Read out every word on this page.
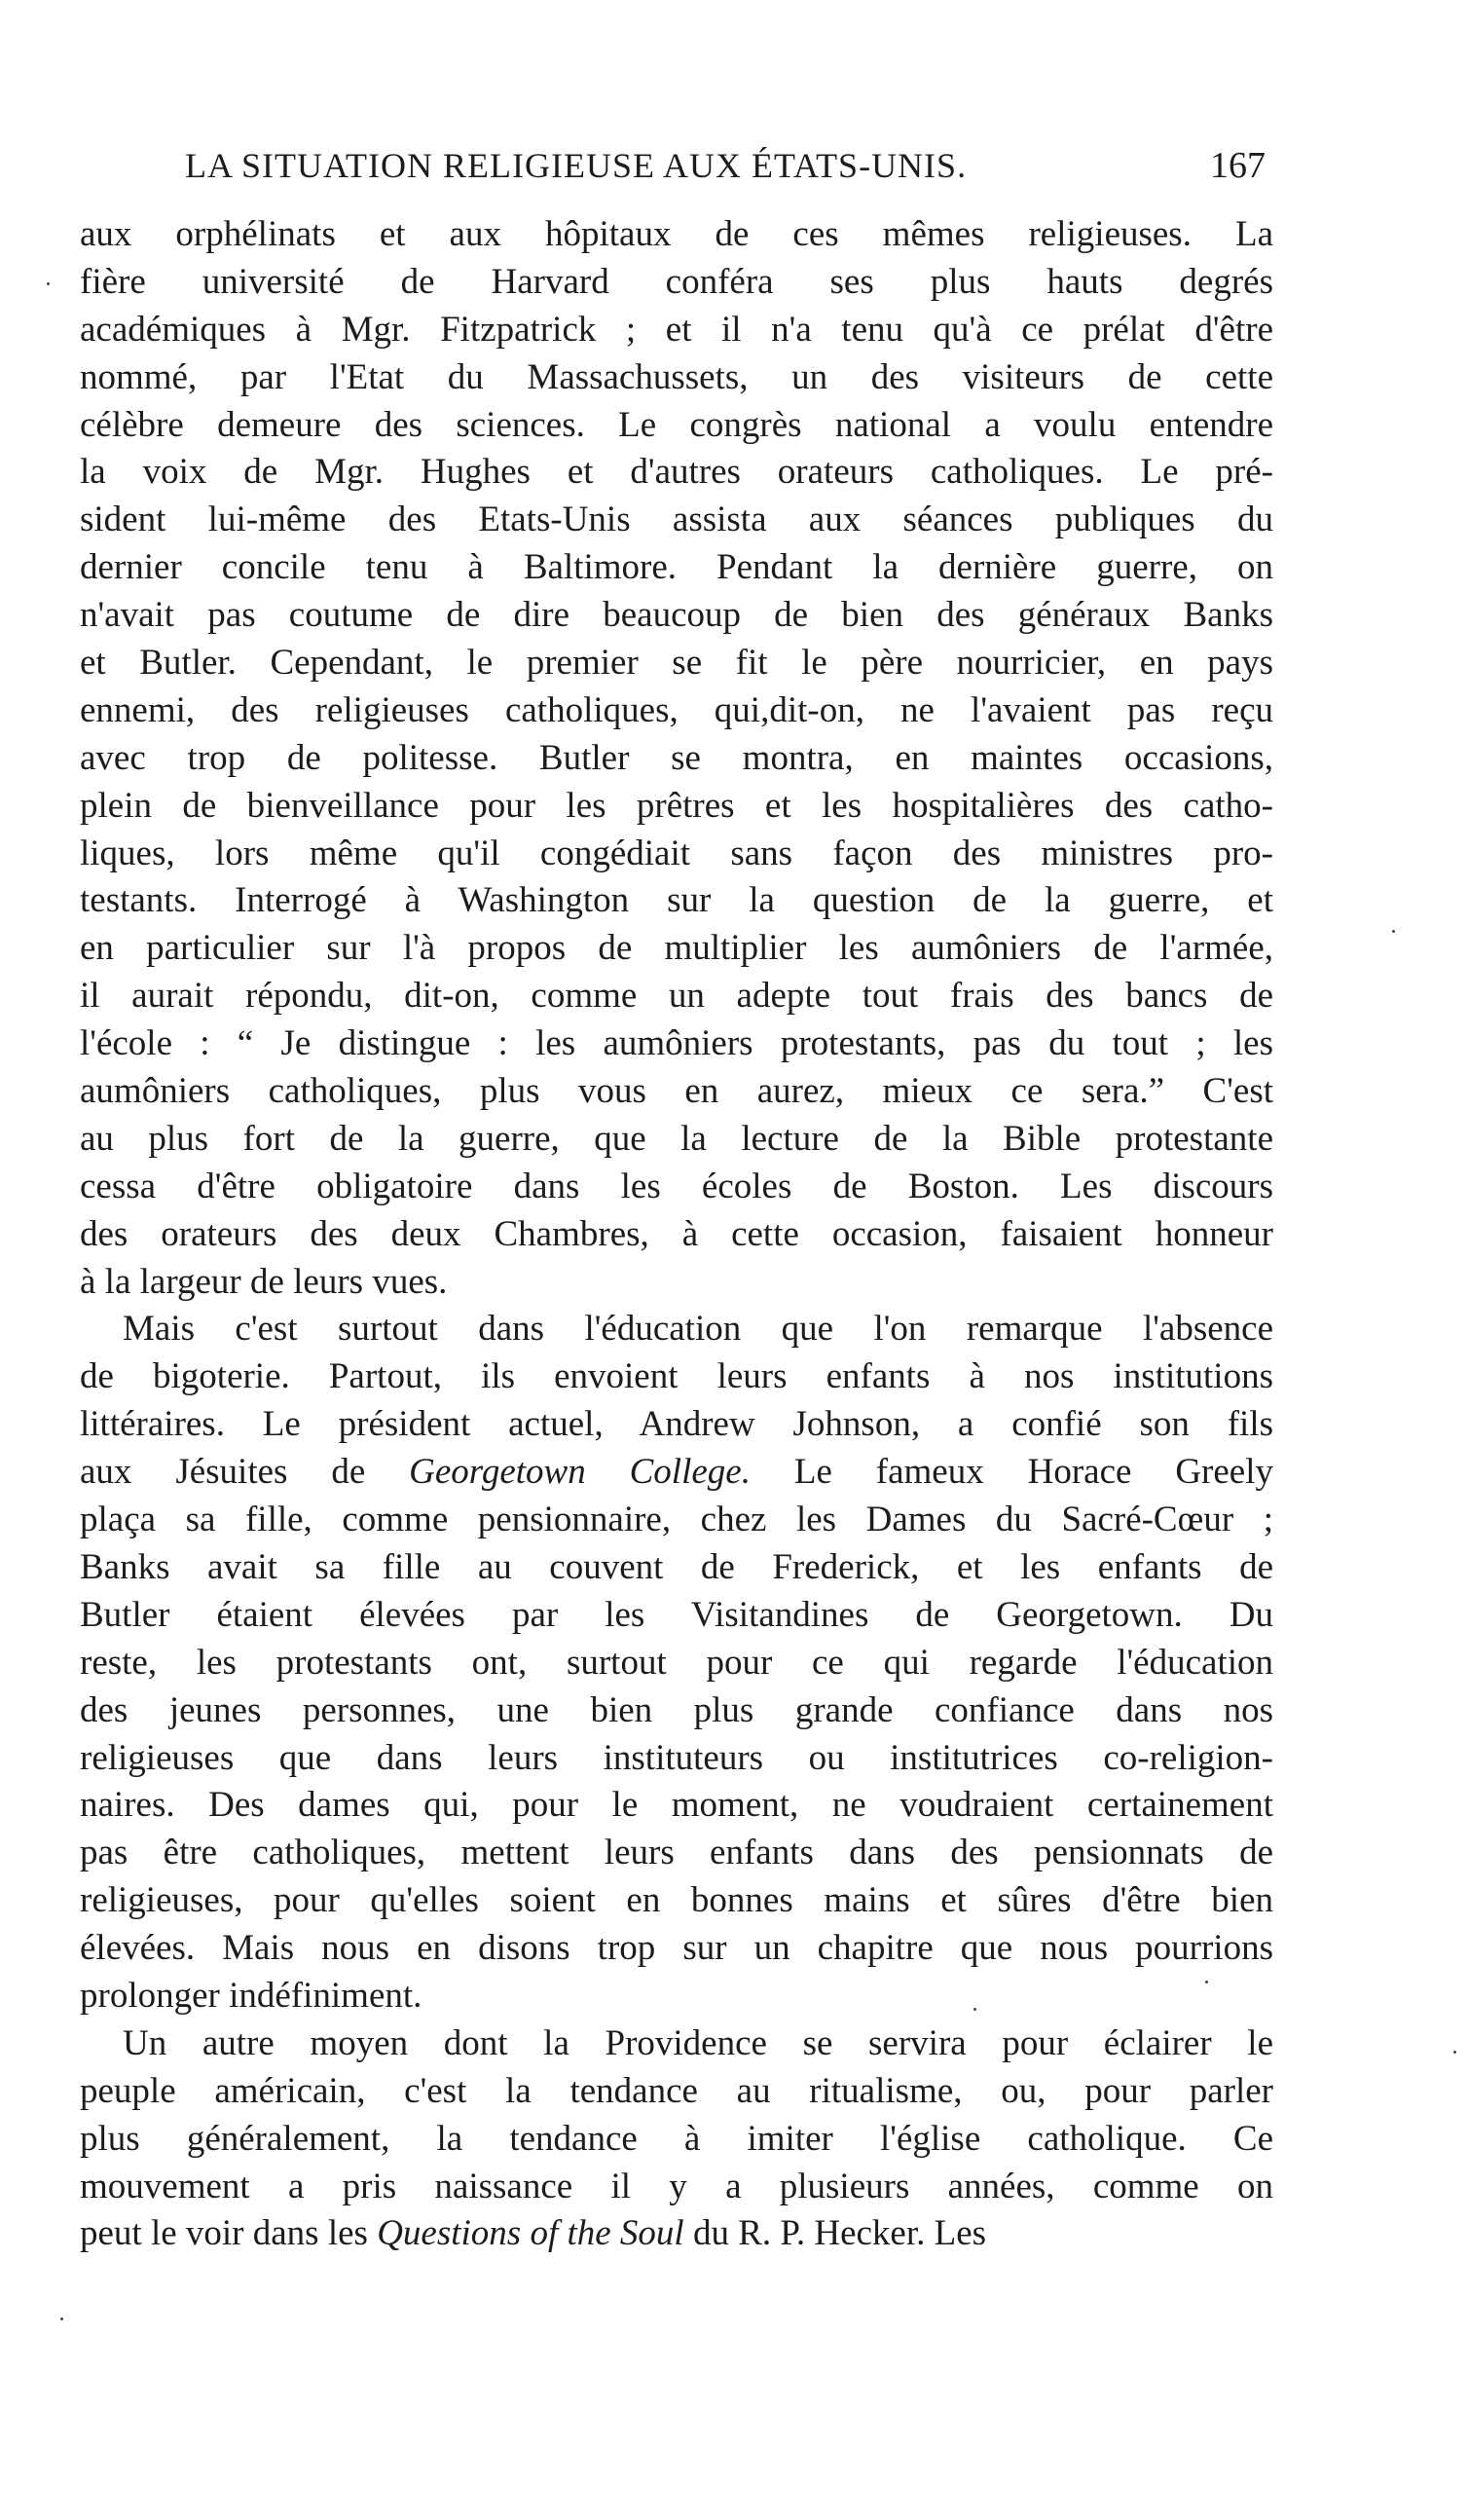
LA SITUATION RELIGIEUSE AUX ÉTATS-UNIS.	167
aux orphélinats et aux hôpitaux de ces mêmes religieuses. La
fière université de Harvard conféra ses plus hauts degrés
académiques à Mgr. Fitzpatrick ; et il n'a tenu qu'à ce prélat d'être
nommé, par l'Etat du Massachussets, un des visiteurs de cette
célèbre demeure des sciences. Le congrès national a voulu entendre
la voix de Mgr. Hughes et d'autres orateurs catholiques. Le pré-
sident lui-même des Etats-Unis assista aux séances publiques du
dernier concile tenu à Baltimore. Pendant la dernière guerre, on
n'avait pas coutume de dire beaucoup de bien des généraux Banks
et Butler. Cependant, le premier se fit le père nourricier, en pays
ennemi, des religieuses catholiques, qui,dit-on, ne l'avaient pas reçu
avec trop de politesse. Butler se montra, en maintes occasions,
plein de bienveillance pour les prêtres et les hospitalières des catho-
liques, lors même qu'il congédiait sans façon des ministres pro-
testants. Interrogé à Washington sur la question de la guerre, et
en particulier sur l'à propos de multiplier les aumôniers de l'armée,
il aurait répondu, dit-on, comme un adepte tout frais des bancs de
l'école : “ Je distingue : les aumôniers protestants, pas du tout ; les
aumôniers catholiques, plus vous en aurez, mieux ce sera.” C'est
au plus fort de la guerre, que la lecture de la Bible protestante
cessa d'être obligatoire dans les écoles de Boston. Les discours
des orateurs des deux Chambres, à cette occasion, faisaient honneur
à la largeur de leurs vues.
Mais c'est surtout dans l'éducation que l'on remarque l'absence
de bigoterie. Partout, ils envoient leurs enfants à nos institutions
littéraires. Le président actuel, Andrew Johnson, a confié son fils
aux Jésuites de Georgetown College. Le fameux Horace Greely
plaça sa fille, comme pensionnaire, chez les Dames du Sacré-Cœur ;
Banks avait sa fille au couvent de Frederick, et les enfants de
Butler étaient élevées par les Visitandines de Georgetown. Du
reste, les protestants ont, surtout pour ce qui regarde l'éducation
des jeunes personnes, une bien plus grande confiance dans nos
religieuses que dans leurs instituteurs ou institutrices co-religion-
naires. Des dames qui, pour le moment, ne voudraient certainement
pas être catholiques, mettent leurs enfants dans des pensionnats de
religieuses, pour qu'elles soient en bonnes mains et sûres d'être bien
élevées. Mais nous en disons trop sur un chapitre que nous pourrions
prolonger indéfiniment.
Un autre moyen dont la Providence se servira pour éclairer le
peuple américain, c'est la tendance au ritualisme, ou, pour parler
plus généralement, la tendance à imiter l'église catholique. Ce
mouvement a pris naissance il y a plusieurs années, comme on
peut le voir dans les Questions of the Soul du R. P. Hecker. Les
